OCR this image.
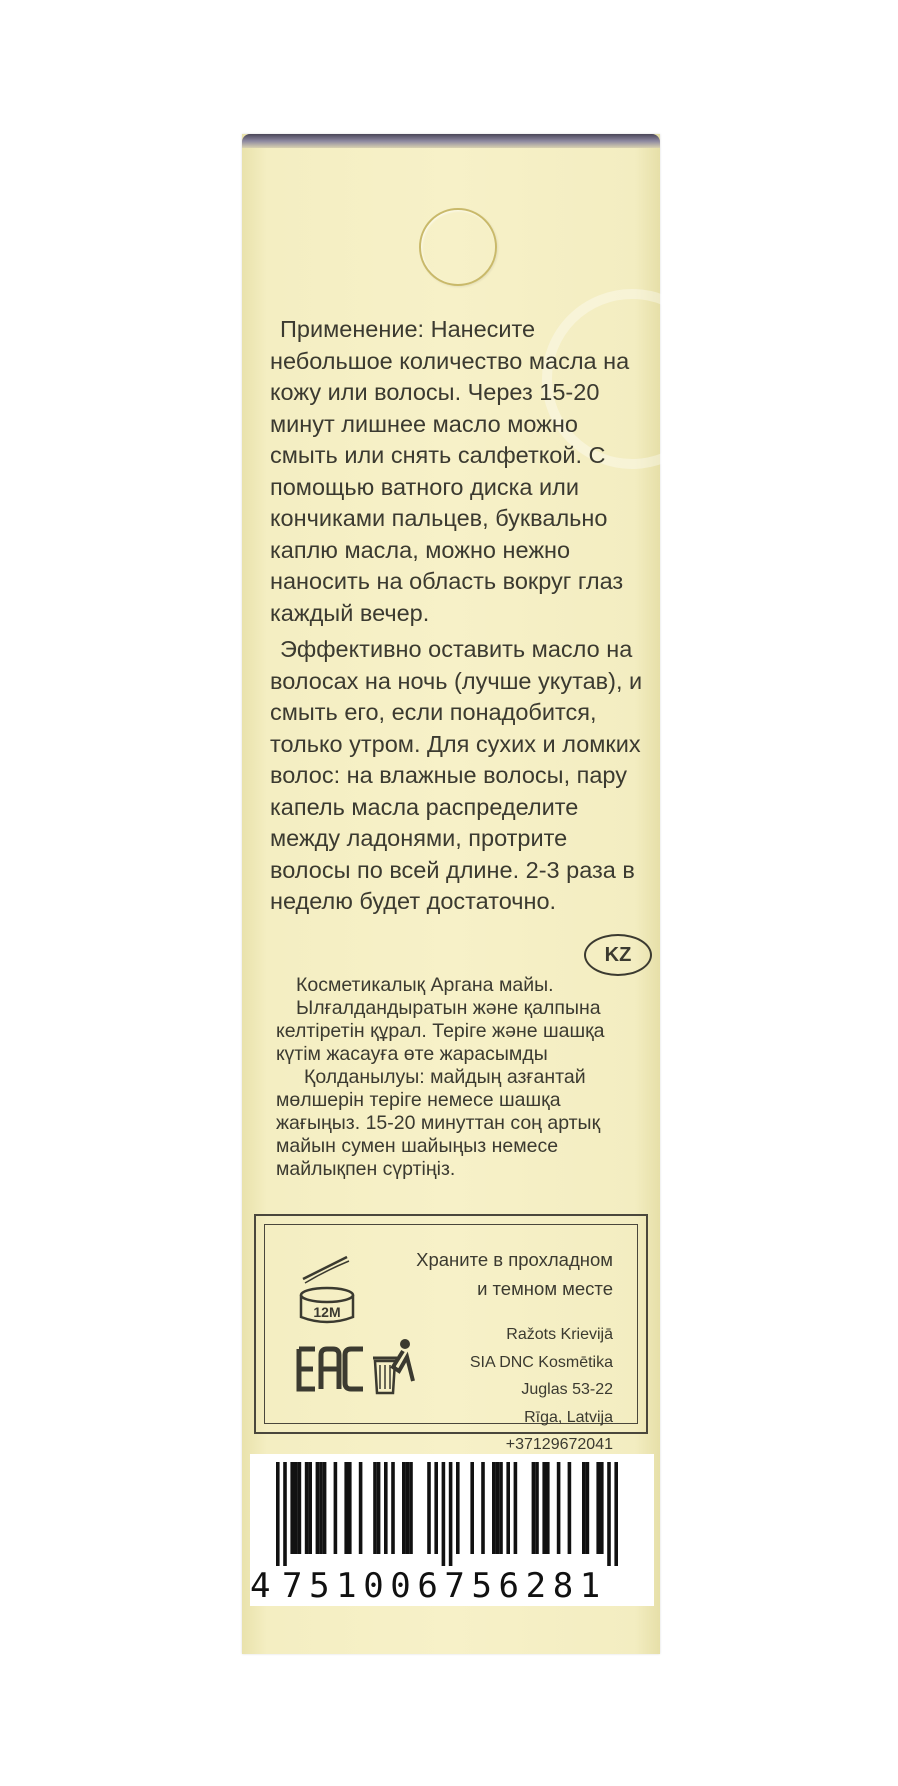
Применение: Нанесите небольшое количество масла на кожу или волосы. Через 15-20 минут лишнее масло можно смыть или снять салфеткой. С помощью ватного диска или кончиками пальцев, буквально каплю масла, можно нежно наносить на область вокруг глаз каждый вечер.

Эффективно оставить масло на волосах на ночь (лучше укутав), и смыть его, если понадобится, только утром. Для сухих и ломких волос: на влажные волосы, пару капель масла распределите между ладонями, протрите волосы по всей длине. 2-3 раза в неделю будет достаточно.

KZ

Косметикалық Аргана майы.

Ылғалдандыратын және қалпына келтіретін құрал. Теріге және шашқа күтім жасауға өте жарасымды

Қолданылуы: майдың азғантай мөлшерін теріге немесе шашқа жағыңыз. 15-20 минуттан соң артық майын сумен шайыңыз немесе майлықпен сүртіңіз.

Храните в прохладном
и темном месте
Ražots Krievijā
SIA DNC Kosmētika
Juglas 53-22
Rīga, Latvija
+37129672041
12M
4 751006756281
